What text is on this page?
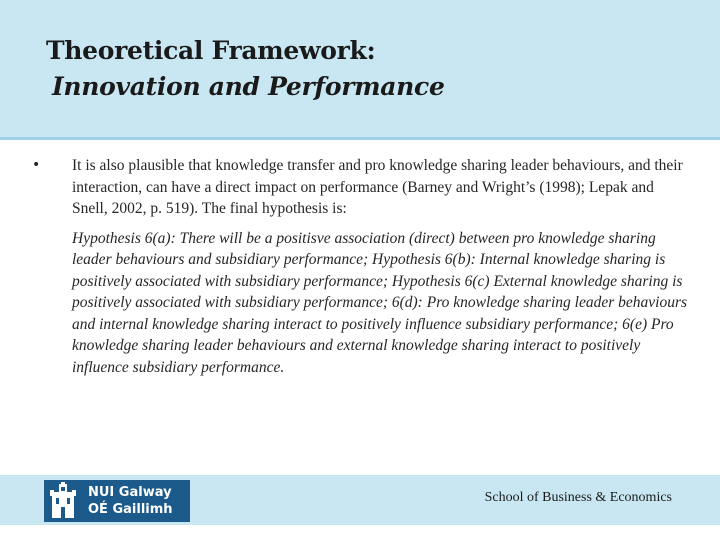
Theoretical Framework:
Innovation and Performance
•	It is also plausible that knowledge transfer and pro knowledge sharing leader behaviours, and their interaction, can have a direct impact on performance (Barney and Wright’s (1998); Lepak and Snell, 2002, p. 519). The final hypothesis is:
Hypothesis 6(a): There will be a positisve association (direct) between pro knowledge sharing leader behaviours and subsidiary performance; Hypothesis 6(b): Internal knowledge sharing is positively associated with subsidiary performance; Hypothesis 6(c) External knowledge sharing is positively associated with subsidiary performance; 6(d): Pro knowledge sharing leader behaviours and internal knowledge sharing interact to positively influence subsidiary performance; 6(e) Pro knowledge sharing leader behaviours and external knowledge sharing interact to positively influence subsidiary performance.
NUI Galway
OÉ Gaillimh
School of Business & Economics
